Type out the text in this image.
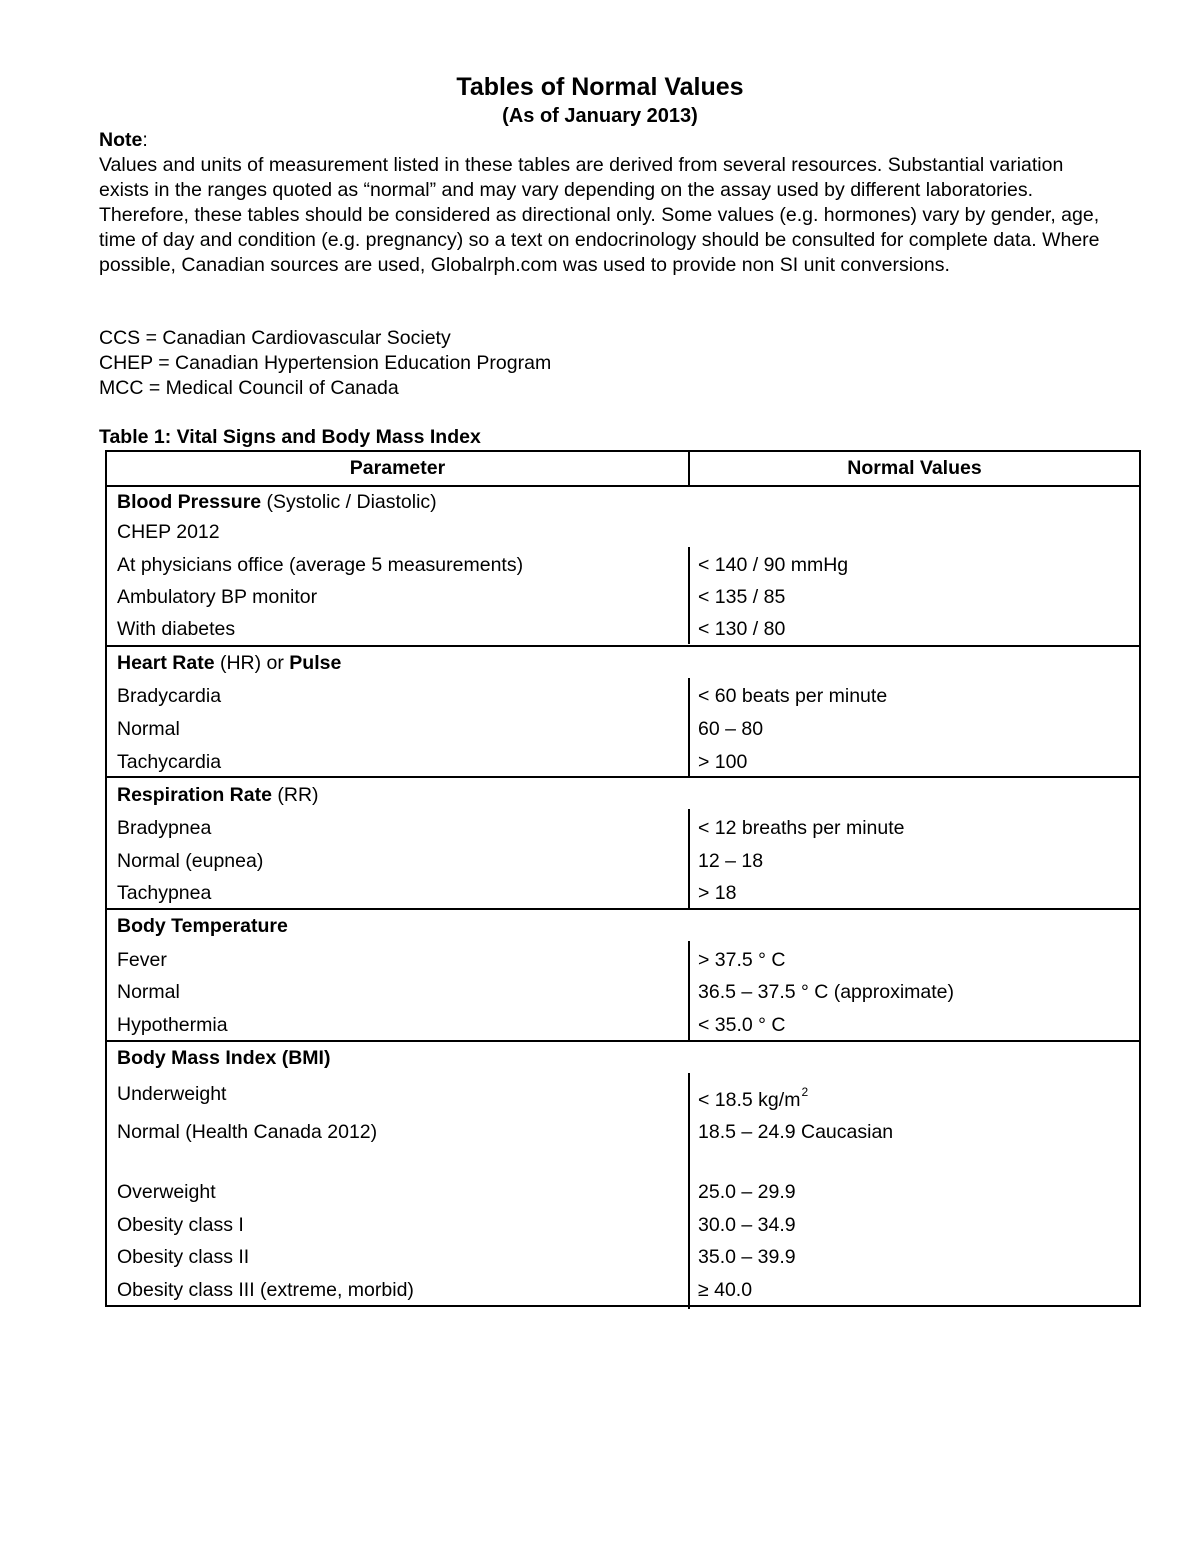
Tables of Normal Values
(As of January 2013)
Note:

Values and units of measurement listed in these tables are derived from several resources. Substantial variation exists in the ranges quoted as “normal” and may vary depending on the assay used by different laboratories. Therefore, these tables should be considered as directional only. Some values (e.g. hormones) vary by gender, age, time of day and condition (e.g. pregnancy) so a text on endocrinology should be consulted for complete data. Where possible, Canadian sources are used, Globalrph.com was used to provide non SI unit conversions.

CCS = Canadian Cardiovascular Society
CHEP = Canadian Hypertension Education Program
MCC = Medical Council of Canada
Table 1: Vital Signs and Body Mass Index
Parameter	Normal Values
Blood Pressure (Systolic / Diastolic)
CHEP 2012
At physicians office (average 5 measurements)	< 140 / 90 mmHg
Ambulatory BP monitor	< 135 / 85
With diabetes	< 130 / 80
Heart Rate (HR) or Pulse
Bradycardia	< 60 beats per minute
Normal	60 – 80
Tachycardia	> 100
Respiration Rate (RR)
Bradypnea	< 12 breaths per minute
Normal (eupnea)	12 – 18
Tachypnea	> 18
Body Temperature
Fever	> 37.5 ° C
Normal	36.5 – 37.5 ° C (approximate)
Hypothermia	< 35.0 ° C
Body Mass Index (BMI)
Underweight	< 18.5 $kg/m^2$
Normal (Health Canada 2012)	18.5 – 24.9 Caucasian
Overweight	25.0 – 29.9
Obesity class I	30.0 – 34.9
Obesity class II	35.0 – 39.9
Obesity class III (extreme, morbid)	≥ 40.0
